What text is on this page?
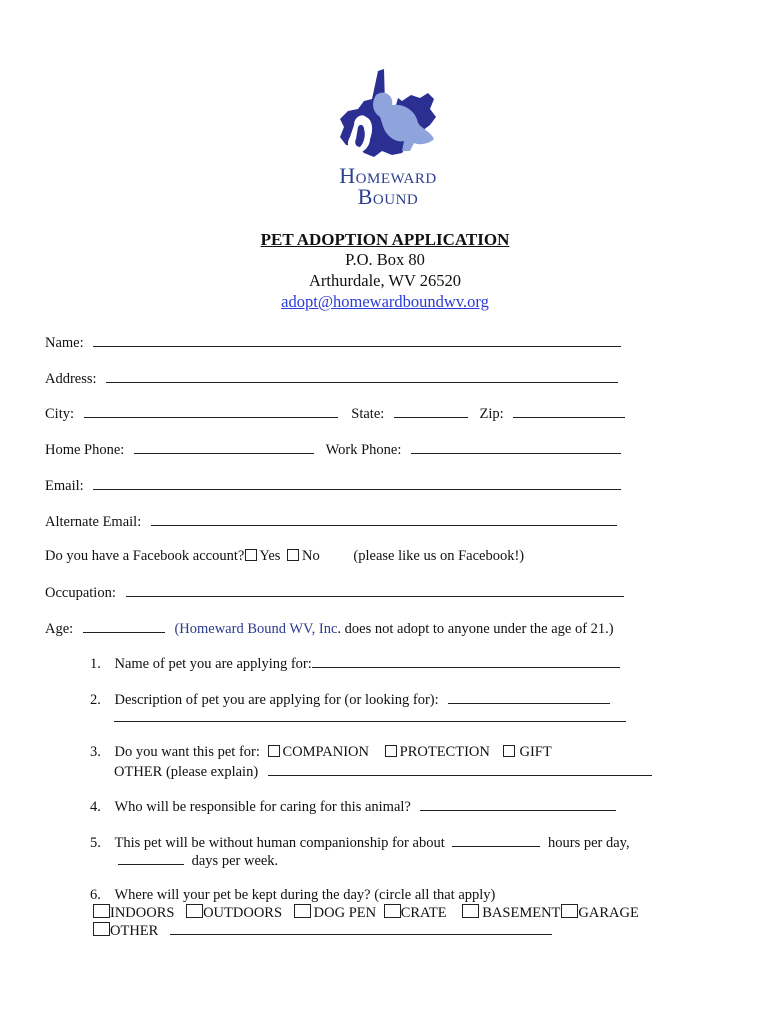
Homeward
Bound
PET ADOPTION APPLICATION
P.O. Box 80
Arthurdale, WV 26520
adopt@homewardboundwv.org
Name:
Address:
City:	State:	Zip:
Home Phone:	Work Phone:
Email:
Alternate Email:
Do you have a Facebook account? Yes No (please like us on Facebook!)
Occupation:
Age:	(Homeward Bound WV, Inc. does not adopt to anyone under the age of 21.)
1. Name of pet you are applying for:
2. Description of pet you are applying for (or looking for):
3. Do you want this pet for: COMPANION PROTECTION GIFT
OTHER (please explain)
4. Who will be responsible for caring for this animal?
5. This pet will be without human companionship for about	hours per day,
days per week.
6. Where will your pet be kept during the day? (circle all that apply)
INDOORS OUTDOORS DOG PEN CRATE BASEMENT GARAGE
OTHER
